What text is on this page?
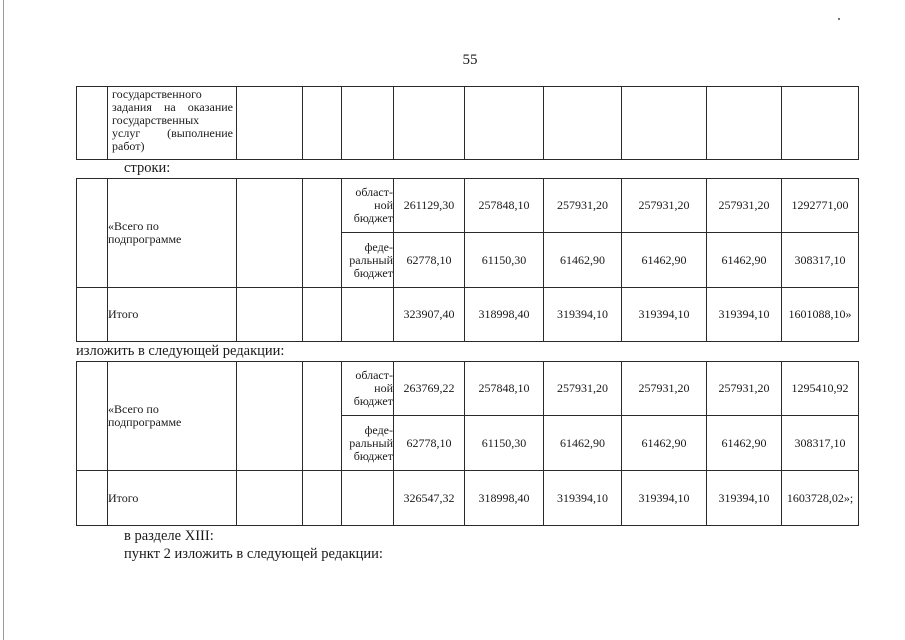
55

государственного
задания на оказание
государственных
услуг (выполнение
работ)

строки:

	«Всего по
подпрограмме			област-
ной
бюджет	261129,30	257848,10	257931,20	257931,20	257931,20	1292771,00

				феде-
ральный
бюджет	62778,10	61150,30	61462,90	61462,90	61462,90	308317,10
	Итого				323907,40	318998,40	319394,10	319394,10	319394,10	1601088,10»
изложить в следующей редакции:

	«Всего по
подпрограмме			област-
ной
бюджет	263769,22	257848,10	257931,20	257931,20	257931,20	1295410,92

				феде-
ральный
бюджет	62778,10	61150,30	61462,90	61462,90	61462,90	308317,10
	Итого				326547,32	318998,40	319394,10	319394,10	319394,10	1603728,02»;
в разделе XIII:
пункт 2 изложить в следующей редакции:
